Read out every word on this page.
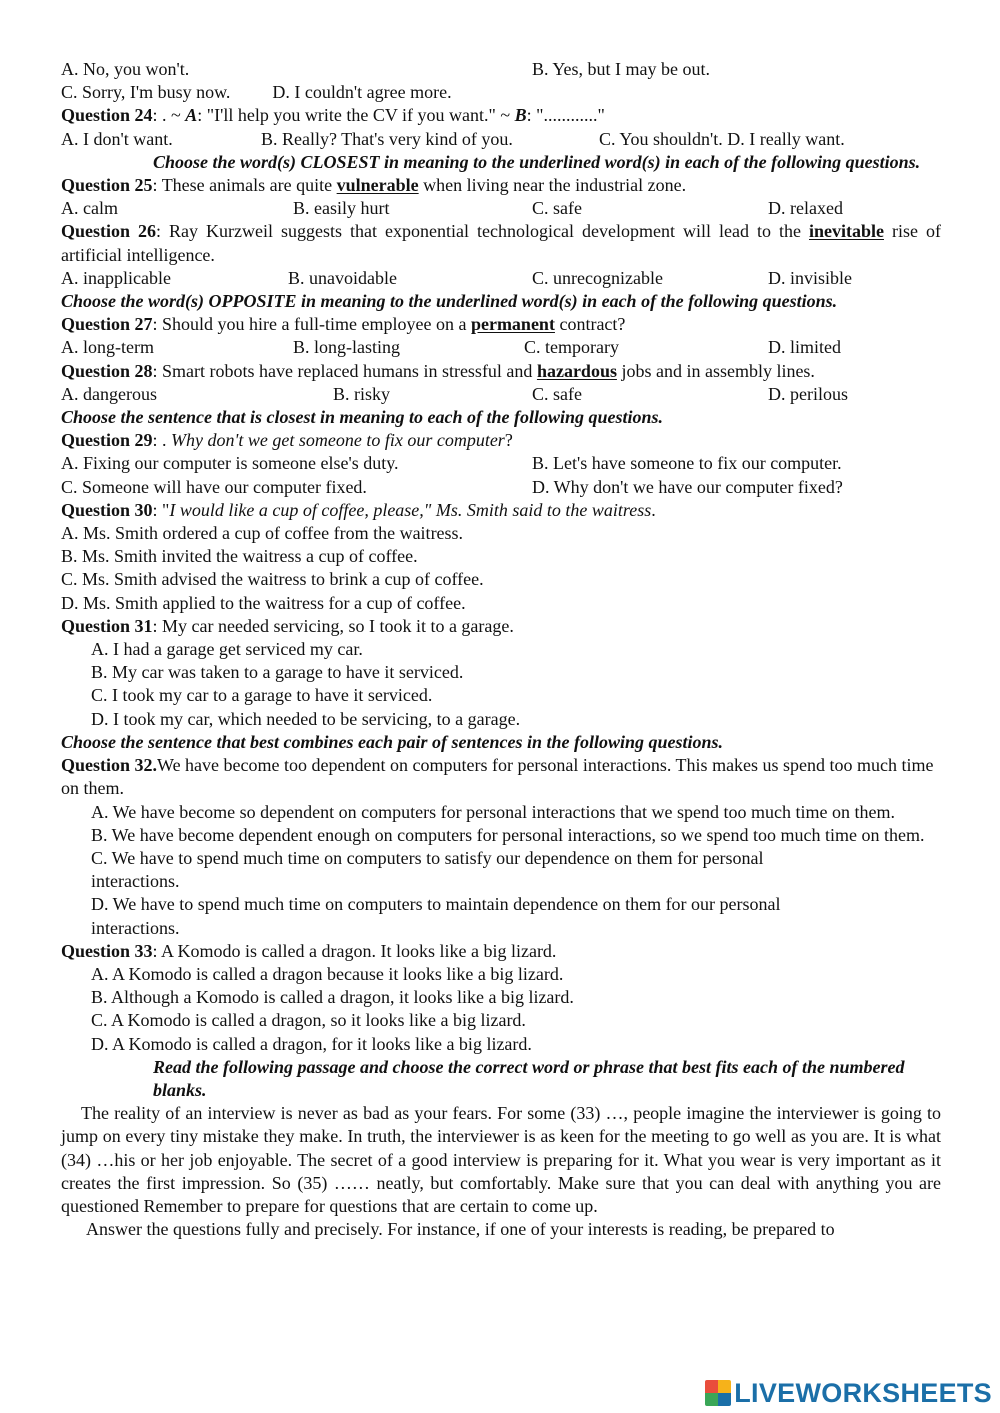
A. No, you won't.	B. Yes, but I may be out.
C. Sorry, I'm busy now. D. I couldn't agree more.
Question 24: . ~ A: "I'll help you write the CV if you want." ~ B: "............"
A. I don't want.	B. Really? That's very kind of you.	C. You shouldn't. D. I really want.
Choose the word(s) CLOSEST in meaning to the underlined word(s) in each of the following questions.
Question 25: These animals are quite vulnerable when living near the industrial zone.
A. calm	B. easily hurt	C. safe	D. relaxed
Question 26: Ray Kurzweil suggests that exponential technological development will lead to the inevitable rise of artificial intelligence.
A. inapplicable	B. unavoidable	C. unrecognizable	D. invisible
Choose the word(s) OPPOSITE in meaning to the underlined word(s) in each of the following questions.
Question 27: Should you hire a full-time employee on a permanent contract?
A. long-term	B. long-lasting	C. temporary	D. limited
Question 28: Smart robots have replaced humans in stressful and hazardous jobs and in assembly lines.
A. dangerous	B. risky	C. safe	D. perilous
Choose the sentence that is closest in meaning to each of the following questions.
Question 29: . Why don't we get someone to fix our computer?
A. Fixing our computer is someone else's duty.	B. Let's have someone to fix our computer.
C. Someone will have our computer fixed.	D. Why don't we have our computer fixed?
Question 30: "I would like a cup of coffee, please," Ms. Smith said to the waitress.
A. Ms. Smith ordered a cup of coffee from the waitress.
B. Ms. Smith invited the waitress a cup of coffee.
C. Ms. Smith advised the waitress to brink a cup of coffee.
D. Ms. Smith applied to the waitress for a cup of coffee.
Question 31: My car needed servicing, so I took it to a garage.
A. I had a garage get serviced my car.
B. My car was taken to a garage to have it serviced.
C. I took my car to a garage to have it serviced.
D. I took my car, which needed to be servicing, to a garage.
Choose the sentence that best combines each pair of sentences in the following questions.
Question 32.We have become too dependent on computers for personal interactions. This makes us spend too much time on them.
A. We have become so dependent on computers for personal interactions that we spend too much time on them.
B. We have become dependent enough on computers for personal interactions, so we spend too much time on them.
C. We have to spend much time on computers to satisfy our dependence on them for personal interactions.
D. We have to spend much time on computers to maintain dependence on them for our personal interactions.
Question 33: A Komodo is called a dragon. It looks like a big lizard.
A. A Komodo is called a dragon because it looks like a big lizard.
B. Although a Komodo is called a dragon, it looks like a big lizard.
C. A Komodo is called a dragon, so it looks like a big lizard.
D. A Komodo is called a dragon, for it looks like a big lizard.
Read the following passage and choose the correct word or phrase that best fits each of the numbered blanks.
The reality of an interview is never as bad as your fears. For some (33) …, people imagine the interviewer is going to jump on every tiny mistake they make. In truth, the interviewer is as keen for the meeting to go well as you are. It is what (34) …his or her job enjoyable. The secret of a good interview is preparing for it. What you wear is very important as it creates the first impression. So (35) …… neatly, but comfortably. Make sure that you can deal with anything you are questioned Remember to prepare for questions that are certain to come up.
Answer the questions fully and precisely. For instance, if one of your interests is reading, be prepared to
LIVEWORKSHEETS
